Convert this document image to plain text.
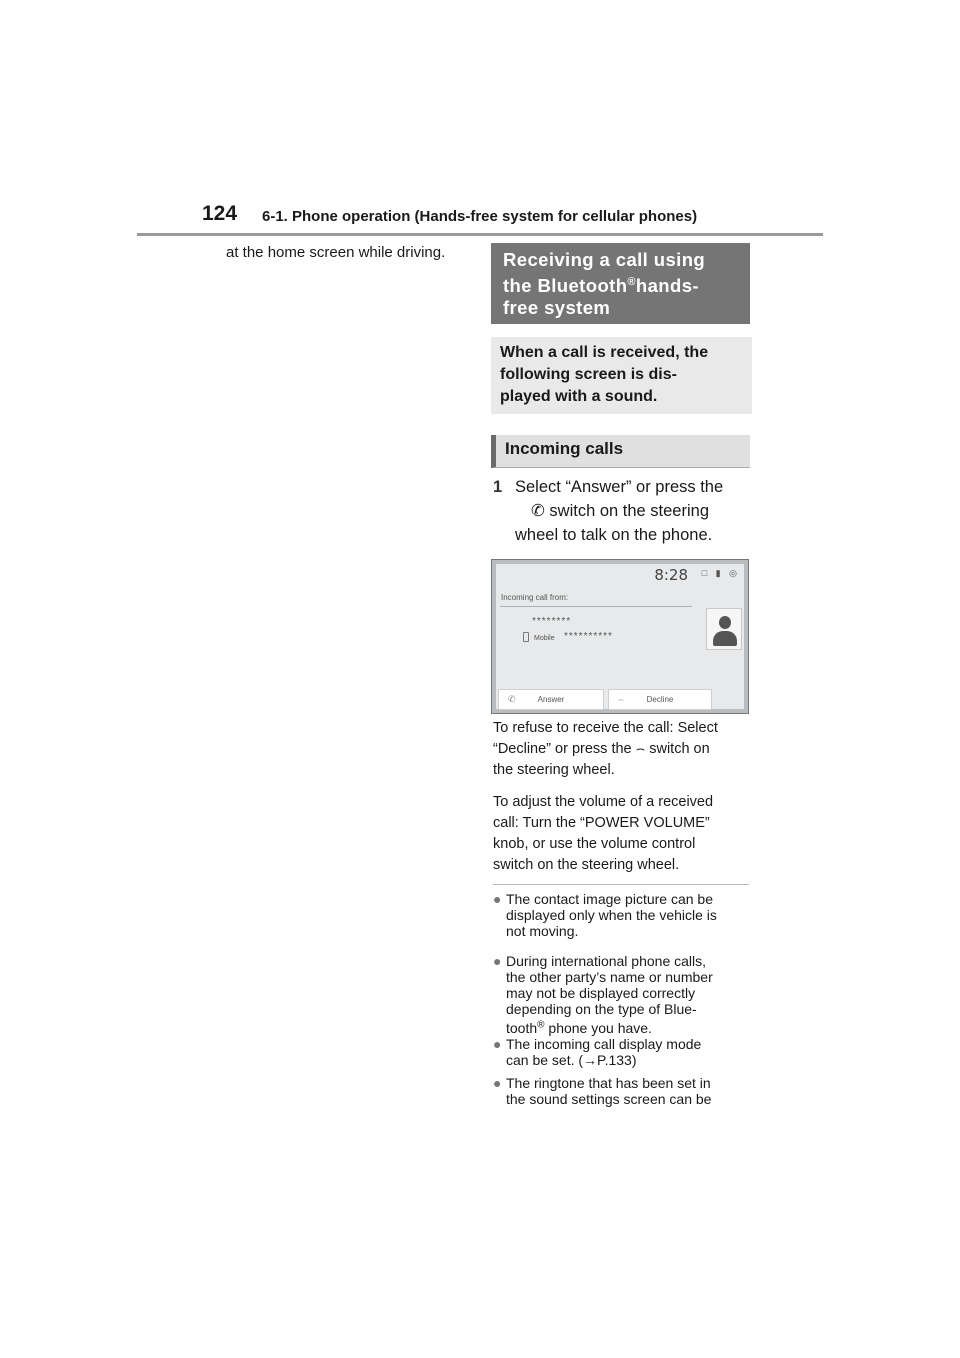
124 6-1. Phone operation (Hands-free system for cellular phones)
at the home screen while driving.	Receiving a call using
the Bluetooth®hands-
free system
When a call is received, the
following screen is dis-
played with a sound.
Incoming calls
1 Select “Answer” or press the
✆ switch on the steering
wheel to talk on the phone.
8:28 □ ▮ ◎
Incoming call from:
********
Mobile **********
✆	Answer	⌢	Decline
To refuse to receive the call: Select
“Decline” or press the ⌢ switch on
the steering wheel.
To adjust the volume of a received
call: Turn the “POWER VOLUME”
knob, or use the volume control
switch on the steering wheel.
● The contact image picture can be
displayed only when the vehicle is
not moving.
● During international phone calls,
the other party’s name or number
may not be displayed correctly
depending on the type of Blue-
tooth® phone you have.
● The incoming call display mode
can be set. (→P.133)
● The ringtone that has been set in
the sound settings screen can be
